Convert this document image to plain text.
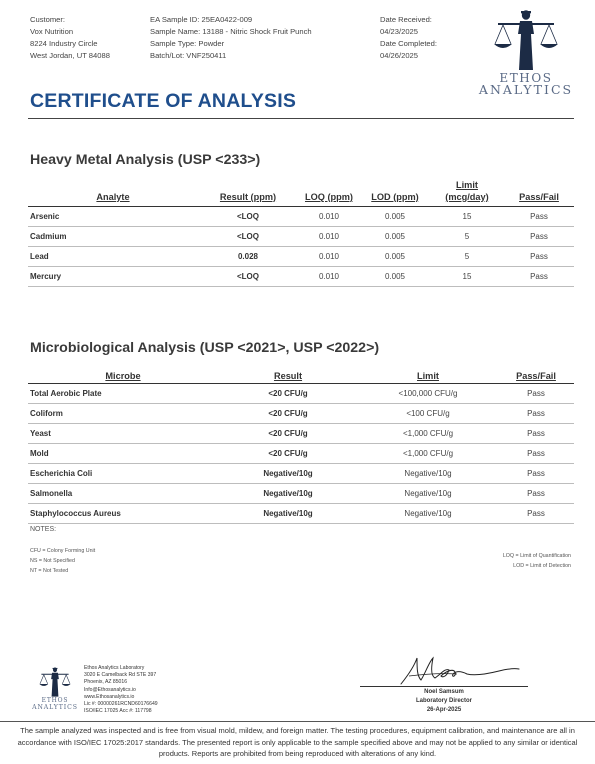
Customer:
Vox Nutrition
8224 Industry Circle
West Jordan, UT 84088
EA Sample ID: 25EA0422-009
Sample Name: 13188 - Nitric Shock Fruit Punch
Sample Type: Powder
Batch/Lot: VNF250411
Date Received:
04/23/2025
Date Completed:
04/26/2025
ETHOS
ANALYTICS
CERTIFICATE OF ANALYSIS
Heavy Metal Analysis (USP <233>)
Analyte	Result (ppm)	LOQ (ppm)	LOD (ppm)	Limit
(mcg/day)	Pass/Fail
Arsenic	<LOQ	0.010	0.005	15	Pass
Cadmium	<LOQ	0.010	0.005	5	Pass
Lead	0.028	0.010	0.005	5	Pass
Mercury	<LOQ	0.010	0.005	15	Pass
Microbiological Analysis (USP <2021>, USP <2022>)
Microbe	Result	Limit	Pass/Fail
Total Aerobic Plate	<20 CFU/g	<100,000 CFU/g	Pass
Coliform	<20 CFU/g	<100 CFU/g	Pass
Yeast	<20 CFU/g	<1,000 CFU/g	Pass
Mold	<20 CFU/g	<1,000 CFU/g	Pass
Escherichia Coli	Negative/10g	Negative/10g	Pass
Salmonella	Negative/10g	Negative/10g	Pass
Staphylococcus Aureus	Negative/10g	Negative/10g	Pass
NOTES:
CFU = Colony Forming Unit
NS = Not Specified
NT = Not Tested
LOQ = Limit of Quantification
LOD = Limit of Detection
ETHOS
ANALYTICS
Ethos Analytics Laboratory
3020 E Camelback Rd STE 397
Phoenix, AZ 85016
Info@Ethosanalytics.io
www.Ethosanalytics.io
Lic #: 00000261RCND60176649
ISO/IEC 17025 Acc #: 117798
Noel Samsum
Laboratory Director
26-Apr-2025
The sample analyzed was inspected and is free from visual mold, mildew, and foreign matter. The testing procedures, equipment calibration, and maintenance are all in accordance with ISO/IEC 17025:2017 standards. The presented report is only applicable to the sample specified above and may not be applied to any similar or identical products. Reports are prohibited from being reproduced with alterations of any kind.
